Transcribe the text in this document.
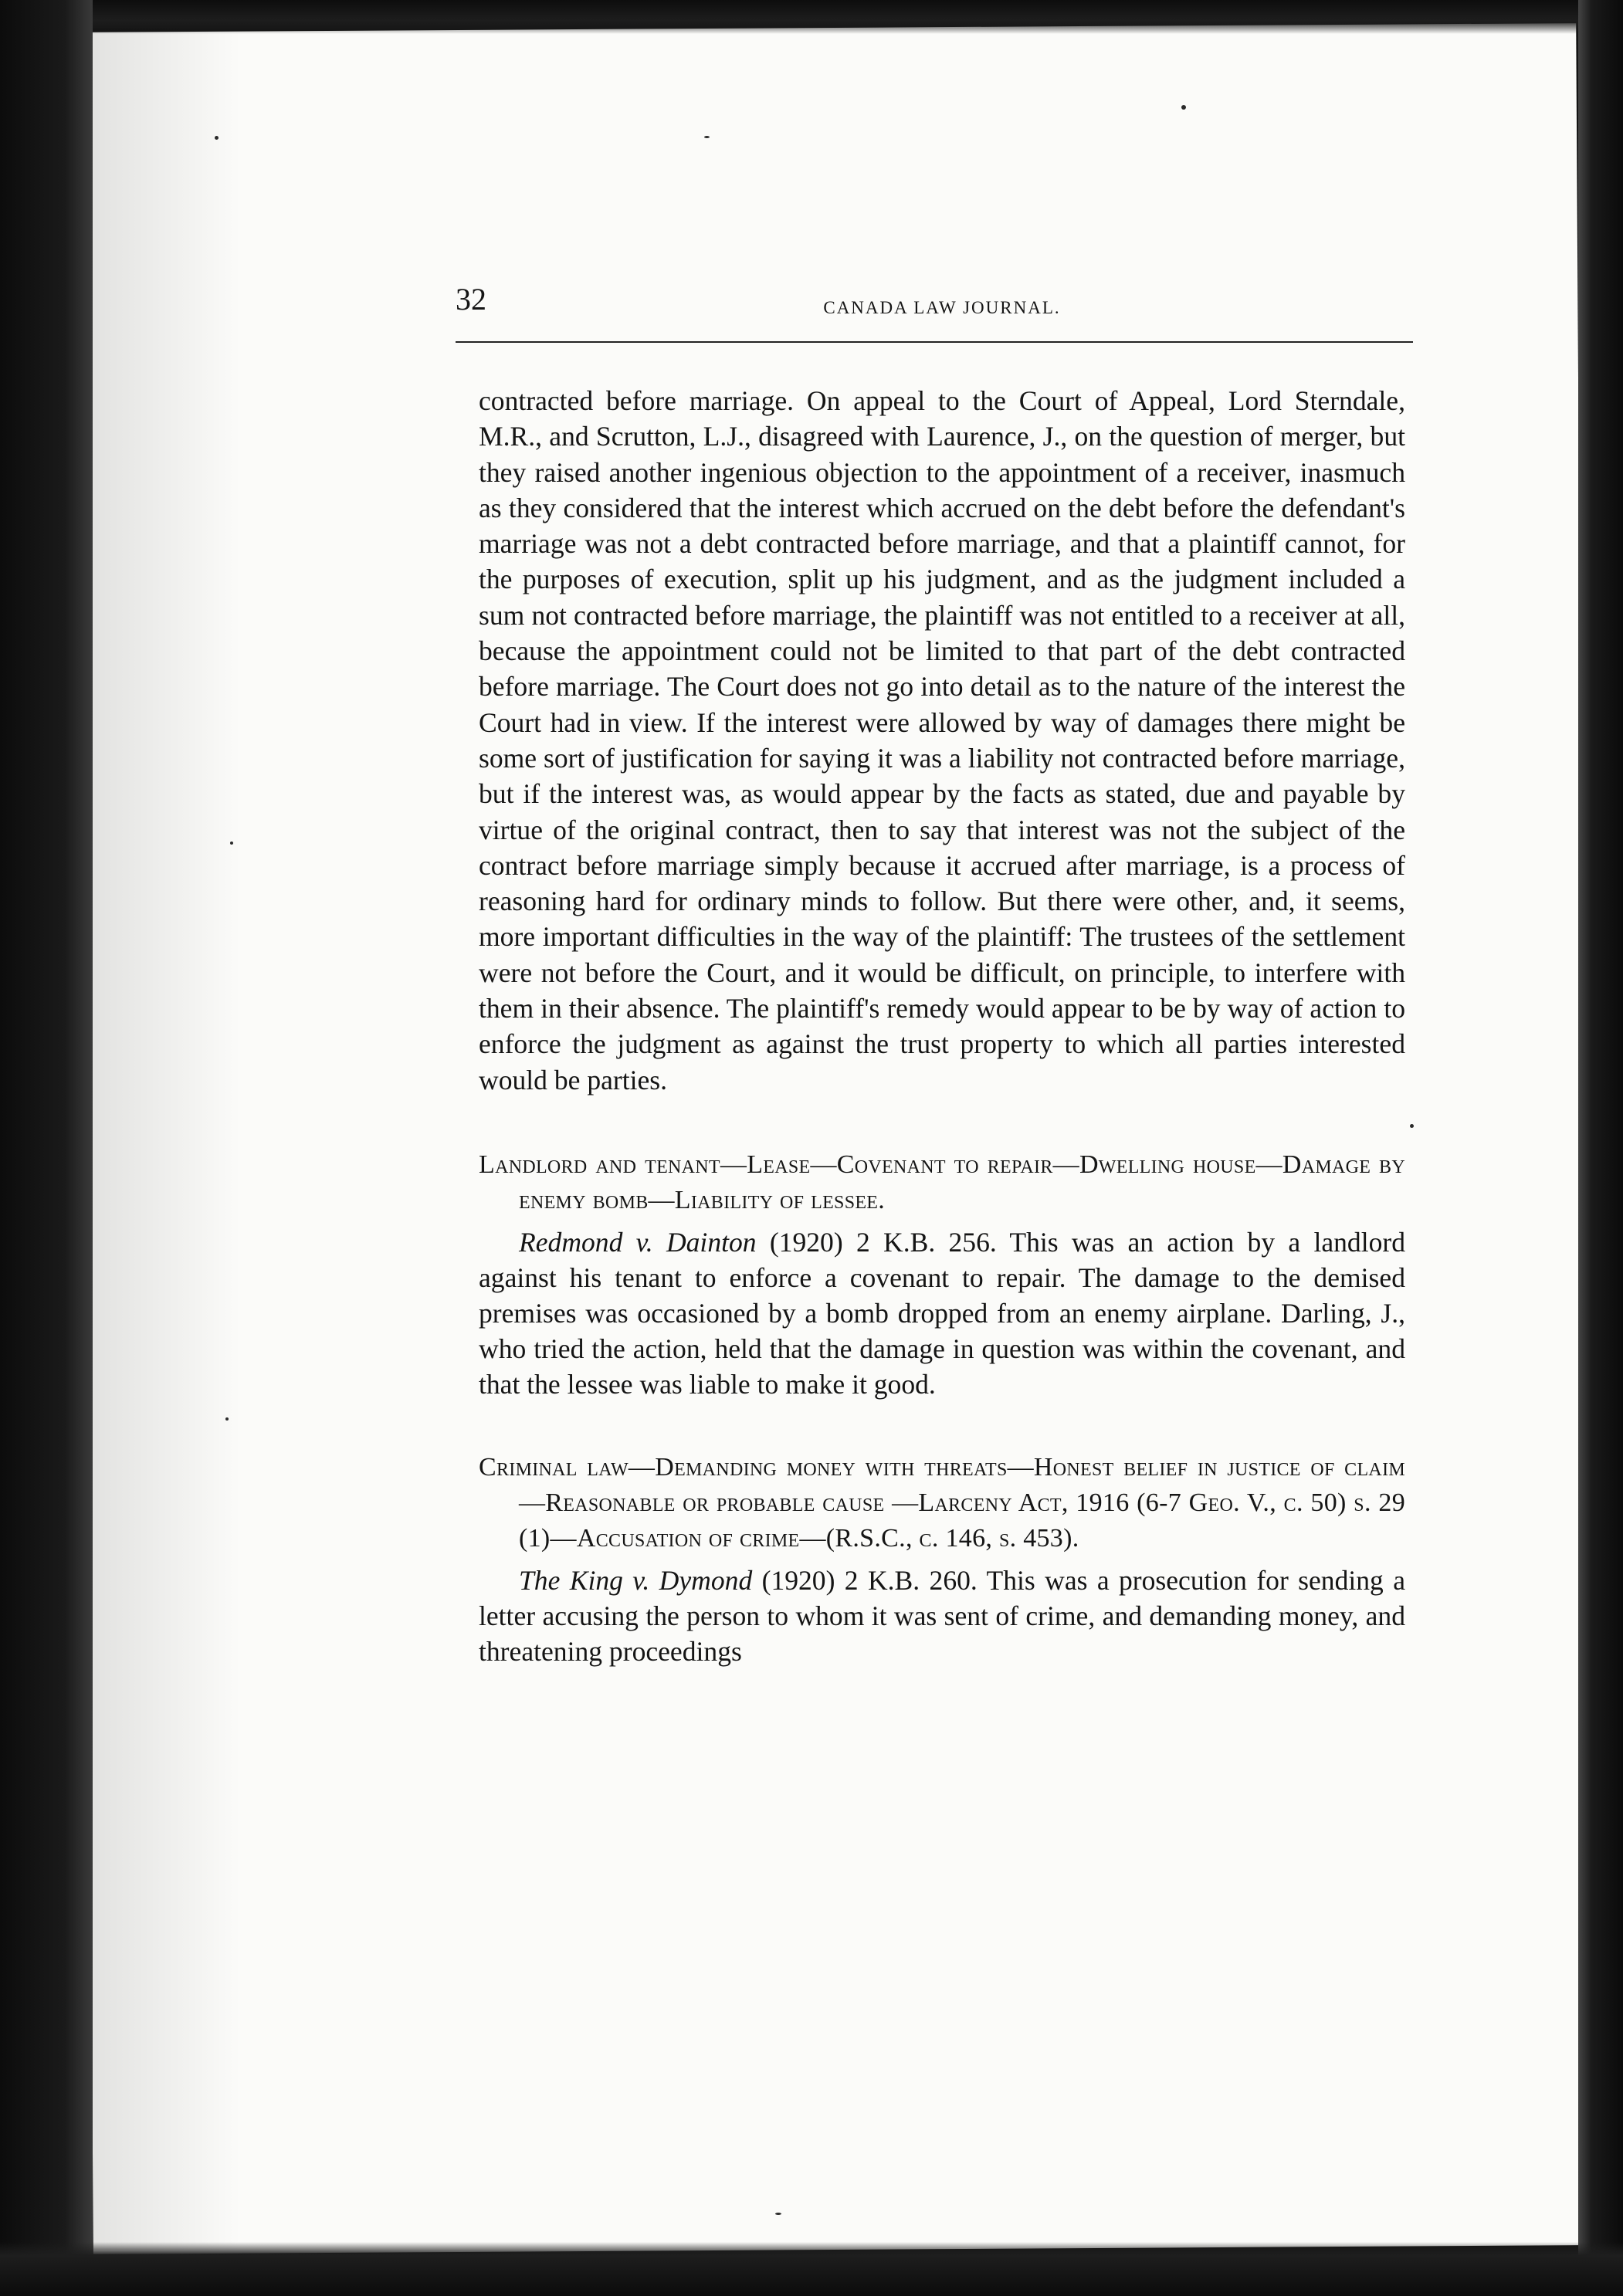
32	CANADA LAW JOURNAL.

contracted before marriage. On appeal to the Court of Appeal, Lord Sterndale, M.R., and Scrutton, L.J., disagreed with Laurence, J., on the question of merger, but they raised another ingenious objection to the appointment of a receiver, inasmuch as they considered that the interest which accrued on the debt before the defendant's marriage was not a debt contracted before marriage, and that a plaintiff cannot, for the purposes of execution, split up his judgment, and as the judgment included a sum not contracted before marriage, the plaintiff was not entitled to a receiver at all, because the appointment could not be limited to that part of the debt contracted before marriage. The Court does not go into detail as to the nature of the interest the Court had in view. If the interest were allowed by way of damages there might be some sort of justification for saying it was a liability not contracted before marriage, but if the interest was, as would appear by the facts as stated, due and payable by virtue of the original contract, then to say that interest was not the subject of the contract before marriage simply because it accrued after marriage, is a process of reasoning hard for ordinary minds to follow. But there were other, and, it seems, more important difficulties in the way of the plaintiff: The trustees of the settlement were not before the Court, and it would be difficult, on principle, to interfere with them in their absence. The plaintiff's remedy would appear to be by way of action to enforce the judgment as against the trust property to which all parties interested would be parties.

Landlord and tenant—Lease—Covenant to repair—Dwelling house—Damage by enemy bomb—Liability of lessee.

Redmond v. Dainton (1920) 2 K.B. 256. This was an action by a landlord against his tenant to enforce a covenant to repair. The damage to the demised premises was occasioned by a bomb dropped from an enemy airplane. Darling, J., who tried the action, held that the damage in question was within the covenant, and that the lessee was liable to make it good.

Criminal law—Demanding money with threats—Honest belief in justice of claim—Reasonable or probable cause —Larceny Act, 1916 (6-7 Geo. V., c. 50) s. 29 (1)—Accusation of crime—(R.S.C., c. 146, s. 453).

The King v. Dymond (1920) 2 K.B. 260. This was a prosecution for sending a letter accusing the person to whom it was sent of crime, and demanding money, and threatening proceedings
